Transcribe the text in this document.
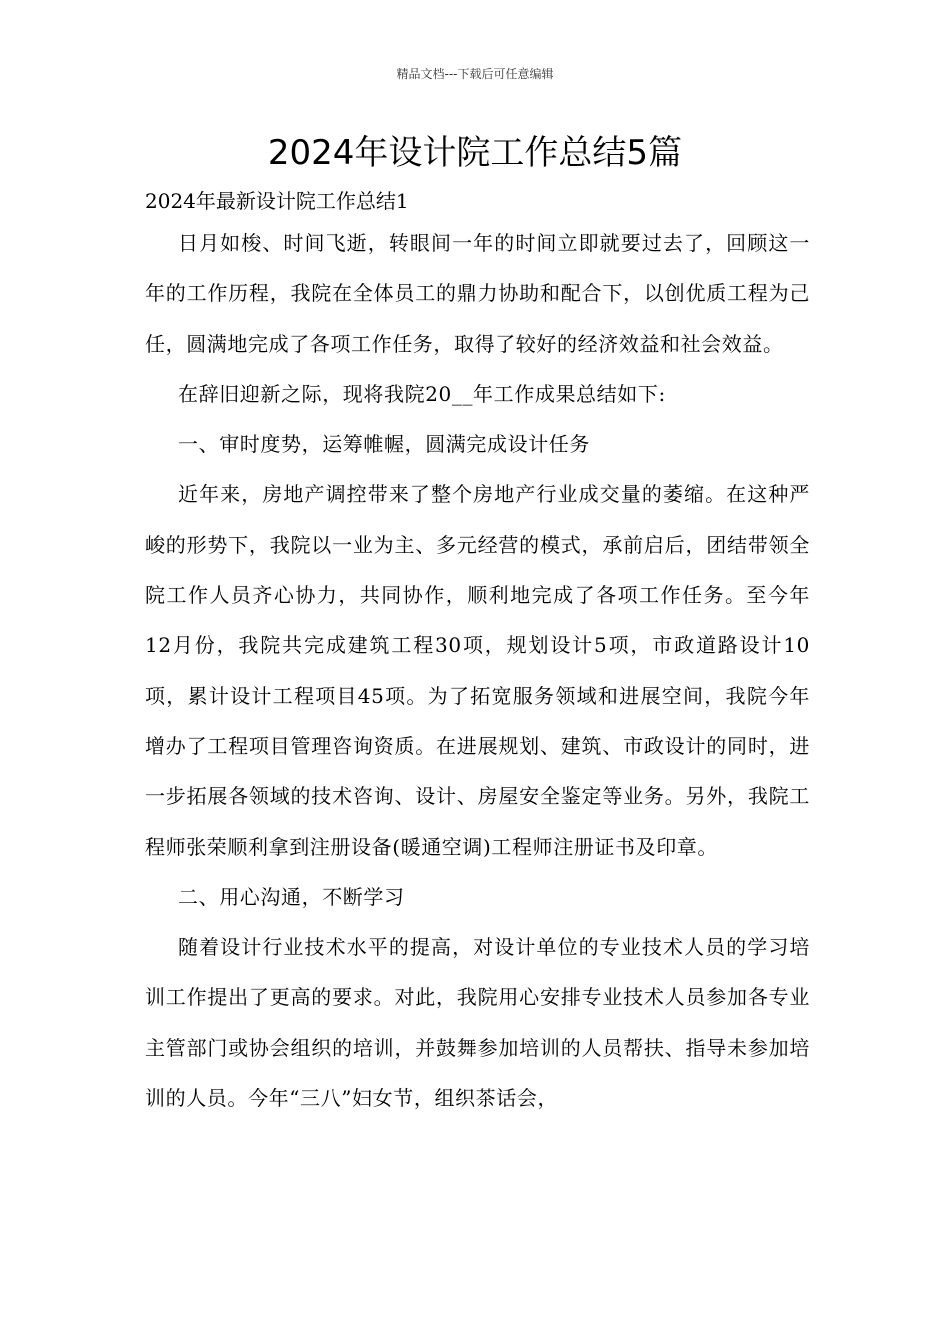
精品文档---下载后可任意编辑
2024年设计院工作总结5篇
2024年最新设计院工作总结1

日月如梭、时间飞逝，转眼间一年的时间立即就要过去了，回顾这一年的工作历程，我院在全体员工的鼎力协助和配合下，以创优质工程为己任，圆满地完成了各项工作任务，取得了较好的经济效益和社会效益。

在辞旧迎新之际，现将我院20__年工作成果总结如下:

一、审时度势，运筹帷幄，圆满完成设计任务

近年来，房地产调控带来了整个房地产行业成交量的萎缩。在这种严峻的形势下，我院以一业为主、多元经营的模式，承前启后，团结带领全院工作人员齐心协力，共同协作，顺利地完成了各项工作任务。至今年12月份，我院共完成建筑工程30项，规划设计5项，市政道路设计10项，累计设计工程项目45项。为了拓宽服务领域和进展空间，我院今年增办了工程项目管理咨询资质。在进展规划、建筑、市政设计的同时，进一步拓展各领域的技术咨询、设计、房屋安全鉴定等业务。另外，我院工程师张荣顺利拿到注册设备(暖通空调)工程师注册证书及印章。

二、用心沟通，不断学习

随着设计行业技术水平的提高，对设计单位的专业技术人员的学习培训工作提出了更高的要求。对此，我院用心安排专业技术人员参加各专业主管部门或协会组织的培训，并鼓舞参加培训的人员帮扶、指导未参加培训的人员。今年“三八”妇女节，组织茶话会，
